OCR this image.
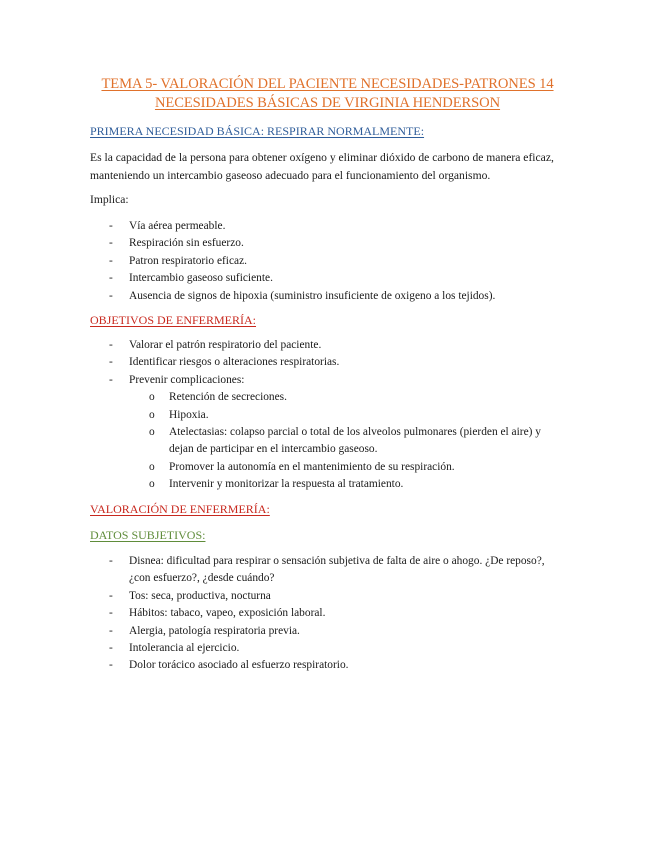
TEMA 5- VALORACIÓN DEL PACIENTE NECESIDADES-PATRONES 14
NECESIDADES BÁSICAS DE VIRGINIA HENDERSON
PRIMERA NECESIDAD BÁSICA: RESPIRAR NORMALMENTE:
Es la capacidad de la persona para obtener oxígeno y eliminar dióxido de carbono de manera eficaz, manteniendo un intercambio gaseoso adecuado para el funcionamiento del organismo.
Implica:
- Vía aérea permeable.
- Respiración sin esfuerzo.
- Patron respiratorio eficaz.
- Intercambio gaseoso suficiente.
- Ausencia de signos de hipoxia (suministro insuficiente de oxigeno a los tejidos).
OBJETIVOS DE ENFERMERÍA:
- Valorar el patrón respiratorio del paciente.
- Identificar riesgos o alteraciones respiratorias.
- Prevenir complicaciones:
o Retención de secreciones.
o Hipoxia.
o Atelectasias: colapso parcial o total de los alveolos pulmonares (pierden el aire) y dejan de participar en el intercambio gaseoso.
o Promover la autonomía en el mantenimiento de su respiración.
o Intervenir y monitorizar la respuesta al tratamiento.
VALORACIÓN DE ENFERMERÍA:
DATOS SUBJETIVOS:
- Disnea: dificultad para respirar o sensación subjetiva de falta de aire o ahogo. ¿De reposo?, ¿con esfuerzo?, ¿desde cuándo?
- Tos: seca, productiva, nocturna
- Hábitos: tabaco, vapeo, exposición laboral.
- Alergia, patología respiratoria previa.
- Intolerancia al ejercicio.
- Dolor torácico asociado al esfuerzo respiratorio.
